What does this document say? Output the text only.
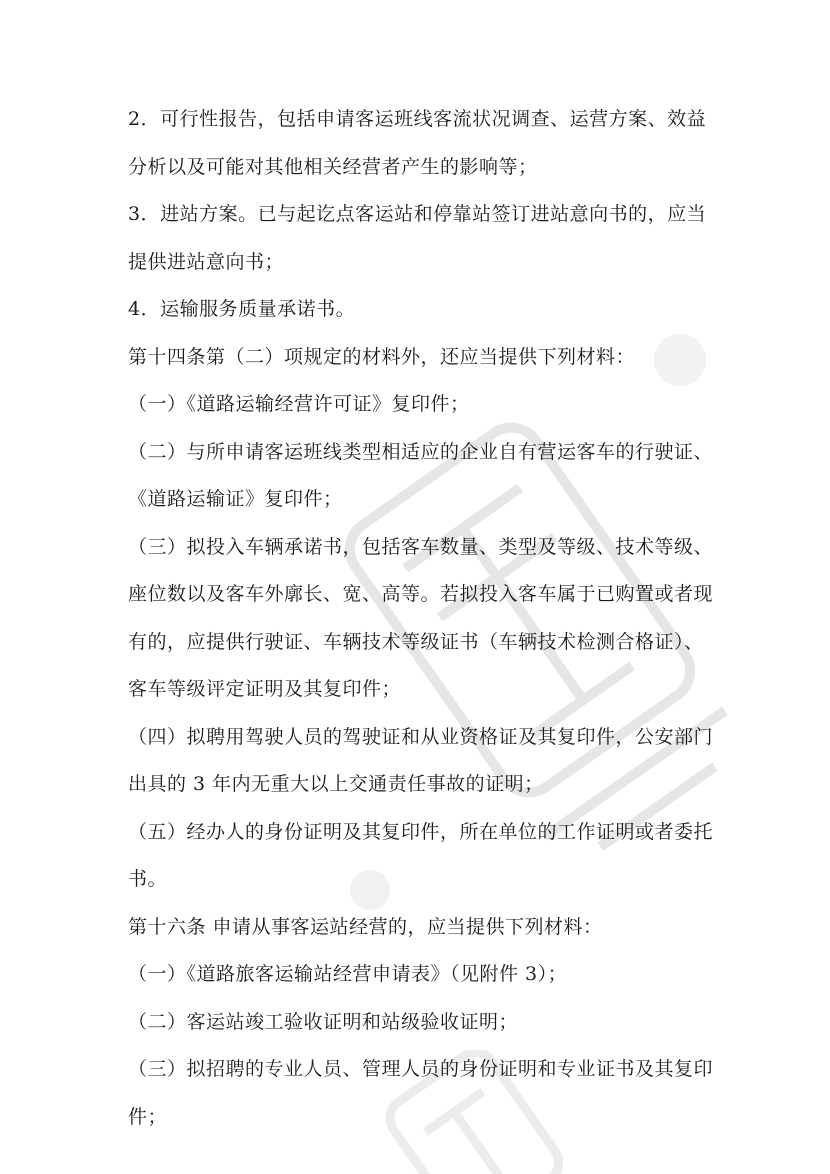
2．可行性报告，包括申请客运班线客流状况调查、运营方案、效益
分析以及可能对其他相关经营者产生的影响等；
3．进站方案。已与起讫点客运站和停靠站签订进站意向书的，应当
提供进站意向书；
4．运输服务质量承诺书。
第十四条第（二）项规定的材料外，还应当提供下列材料：
（一）《道路运输经营许可证》复印件；
（二）与所申请客运班线类型相适应的企业自有营运客车的行驶证、
《道路运输证》复印件；
（三）拟投入车辆承诺书，包括客车数量、类型及等级、技术等级、
座位数以及客车外廓长、宽、高等。若拟投入客车属于已购置或者现
有的，应提供行驶证、车辆技术等级证书（车辆技术检测合格证）、
客车等级评定证明及其复印件；
（四）拟聘用驾驶人员的驾驶证和从业资格证及其复印件，公安部门
出具的 3 年内无重大以上交通责任事故的证明；
（五）经办人的身份证明及其复印件，所在单位的工作证明或者委托
书。
第十六条 申请从事客运站经营的，应当提供下列材料：
（一）《道路旅客运输站经营申请表》（见附件 3）；
（二）客运站竣工验收证明和站级验收证明；
（三）拟招聘的专业人员、管理人员的身份证明和专业证书及其复印
件；
